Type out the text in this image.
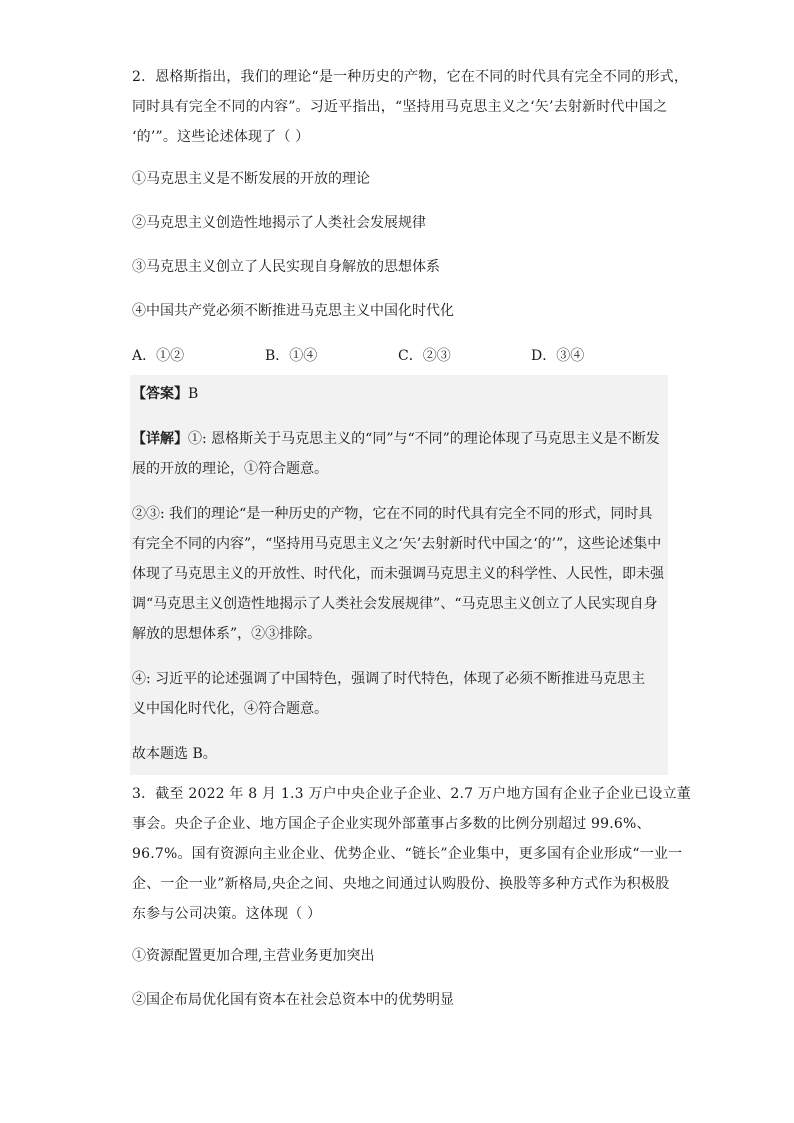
2．恩格斯指出，我们的理论“是一种历史的产物，它在不同的时代具有完全不同的形式，

同时具有完全不同的内容”。习近平指出，“坚持用马克思主义之‘矢’去射新时代中国之

‘的’”。这些论述体现了（ ）

①马克思主义是不断发展的开放的理论

②马克思主义创造性地揭示了人类社会发展规律

③马克思主义创立了人民实现自身解放的思想体系

④中国共产党必须不断推进马克思主义中国化时代化

A．①②	B．①④	C．②③	D．③④

【答案】B

【详解】①: 恩格斯关于马克思主义的“同”与“不同”的理论体现了马克思主义是不断发

展的开放的理论，①符合题意。

②③: 我们的理论“是一种历史的产物，它在不同的时代具有完全不同的形式，同时具

有完全不同的内容”，“坚持用马克思主义之‘矢’去射新时代中国之‘的’”，这些论述集中

体现了马克思主义的开放性、时代化，而未强调马克思主义的科学性、人民性，即未强

调“马克思主义创造性地揭示了人类社会发展规律”、“马克思主义创立了人民实现自身

解放的思想体系”，②③排除。

④: 习近平的论述强调了中国特色，强调了时代特色，体现了必须不断推进马克思主

义中国化时代化，④符合题意。

故本题选 B。

3．截至 2022 年 8 月 1.3 万户中央企业子企业、2.7 万户地方国有企业子企业已设立董

事会。央企子企业、地方国企子企业实现外部董事占多数的比例分别超过 99.6%、

96.7%。国有资源向主业企业、优势企业、“链长”企业集中，更多国有企业形成“一业一

企、一企一业”新格局,央企之间、央地之间通过认购股份、换股等多种方式作为积极股

东参与公司决策。这体现（ ）

①资源配置更加合理,主营业务更加突出

②国企布局优化国有资本在社会总资本中的优势明显
